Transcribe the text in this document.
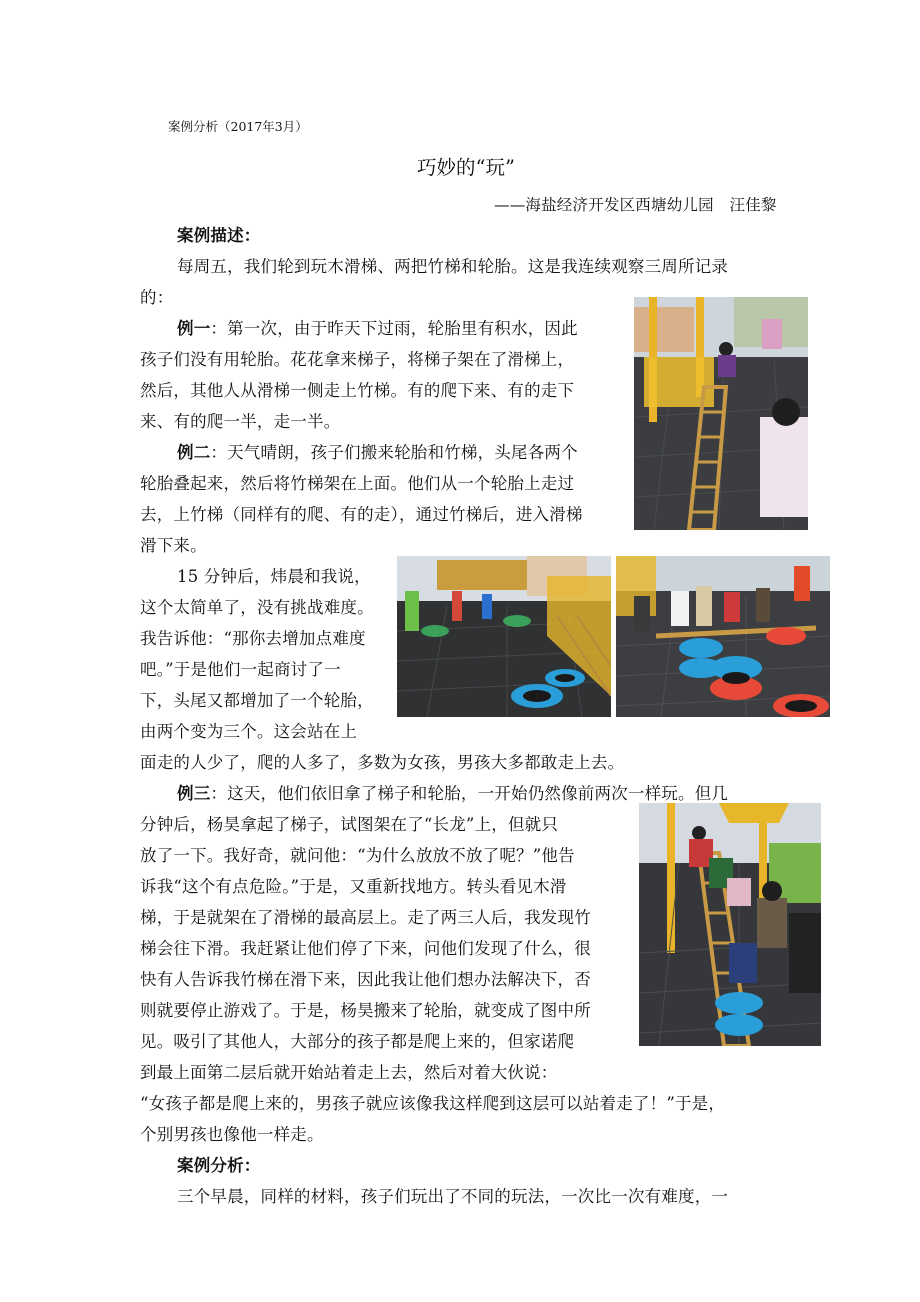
案例分析（2017年3月）
巧妙的“玩”
——海盐经济开发区西塘幼儿园　汪佳黎
案例描述：
每周五，我们轮到玩木滑梯、两把竹梯和轮胎。这是我连续观察三周所记录
的：
例一：第一次，由于昨天下过雨，轮胎里有积水，因此
孩子们没有用轮胎。花花拿来梯子，将梯子架在了滑梯上，
然后，其他人从滑梯一侧走上竹梯。有的爬下来、有的走下
来、有的爬一半，走一半。
例二：天气晴朗，孩子们搬来轮胎和竹梯，头尾各两个
轮胎叠起来，然后将竹梯架在上面。他们从一个轮胎上走过
去，上竹梯（同样有的爬、有的走），通过竹梯后，进入滑梯
滑下来。
15 分钟后，炜晨和我说，
这个太简单了，没有挑战难度。
我告诉他：“那你去增加点难度
吧。”于是他们一起商讨了一
下，头尾又都增加了一个轮胎，
由两个变为三个。这会站在上
面走的人少了，爬的人多了，多数为女孩，男孩大多都敢走上去。
例三：这天，他们依旧拿了梯子和轮胎，一开始仍然像前两次一样玩。但几
分钟后，杨昊拿起了梯子，试图架在了“长龙”上，但就只
放了一下。我好奇，就问他：“为什么放放不放了呢？”他告
诉我“这个有点危险。”于是，又重新找地方。转头看见木滑
梯，于是就架在了滑梯的最高层上。走了两三人后，我发现竹
梯会往下滑。我赶紧让他们停了下来，问他们发现了什么，很
快有人告诉我竹梯在滑下来，因此我让他们想办法解决下，否
则就要停止游戏了。于是，杨昊搬来了轮胎，就变成了图中所
见。吸引了其他人，大部分的孩子都是爬上来的，但家诺爬
到最上面第二层后就开始站着走上去，然后对着大伙说：
“女孩子都是爬上来的，男孩子就应该像我这样爬到这层可以站着走了！”于是，
个别男孩也像他一样走。
案例分析：
三个早晨，同样的材料，孩子们玩出了不同的玩法，一次比一次有难度，一
